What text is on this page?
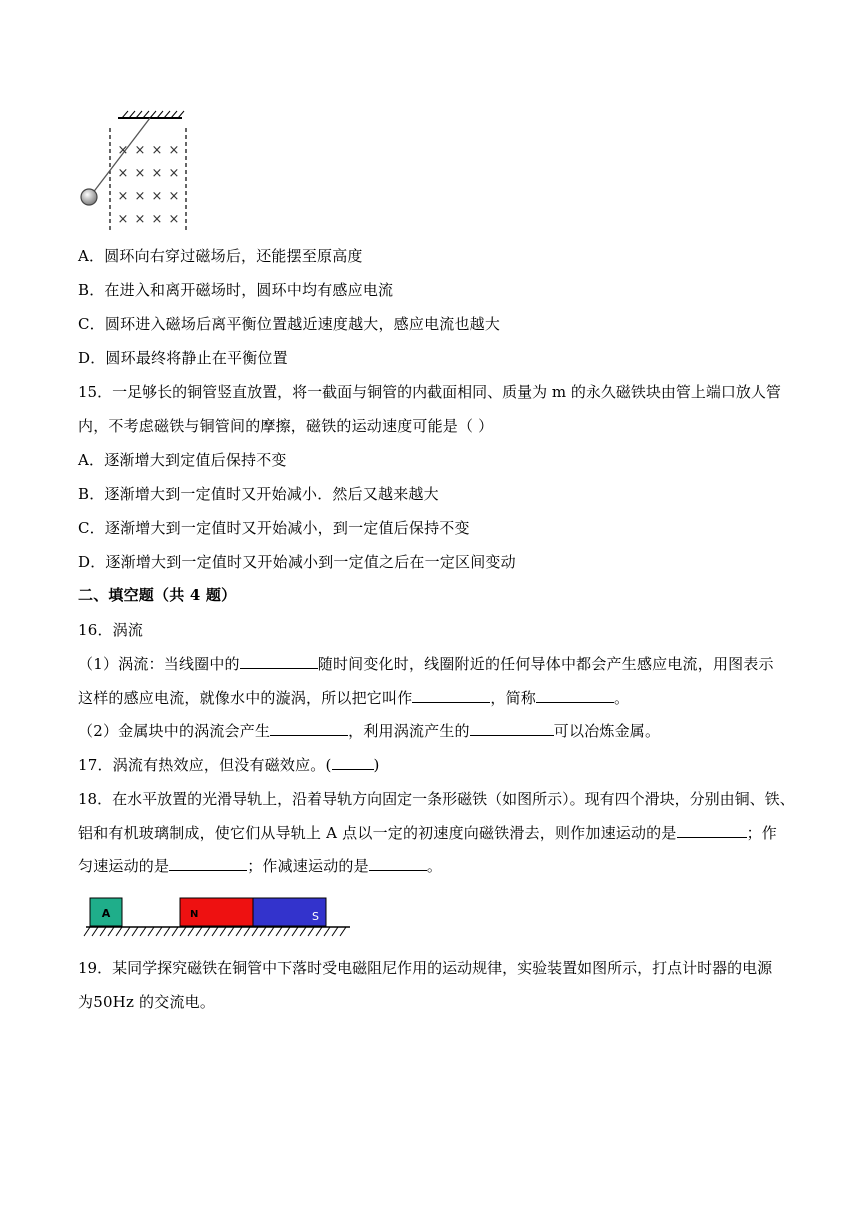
× × × ×
× × × ×
× × × ×
× × × ×
A．圆环向右穿过磁场后，还能摆至原高度
B．在进入和离开磁场时，圆环中均有感应电流
C．圆环进入磁场后离平衡位置越近速度越大，感应电流也越大
D．圆环最终将静止在平衡位置
15．一足够长的铜管竖直放置，将一截面与铜管的内截面相同、质量为 m 的永久磁铁块由管上端口放人管
内，不考虑磁铁与铜管间的摩擦，磁铁的运动速度可能是（ ）
A．逐渐增大到定值后保持不变
B．逐渐增大到一定值时又开始减小．然后又越来越大
C．逐渐增大到一定值时又开始减小，到一定值后保持不变
D．逐渐增大到一定值时又开始减小到一定值之后在一定区间变动
二、填空题（共 4 题）
16．涡流
（1）涡流：当线圈中的	随时间变化时，线圈附近的任何导体中都会产生感应电流，用图表示
这样的感应电流，就像水中的漩涡，所以把它叫作	，简称	。
（2）金属块中的涡流会产生	，利用涡流产生的	可以冶炼金属。
17．涡流有热效应，但没有磁效应。(	)
18．在水平放置的光滑导轨上，沿着导轨方向固定一条形磁铁（如图所示）。现有四个滑块，分别由铜、铁、
铝和有机玻璃制成，使它们从导轨上 A 点以一定的初速度向磁铁滑去，则作加速运动的是	；作
匀速运动的是	；作减速运动的是	。
A	N	S
19．某同学探究磁铁在铜管中下落时受电磁阻尼作用的运动规律，实验装置如图所示，打点计时器的电源
为50Hz 的交流电。
